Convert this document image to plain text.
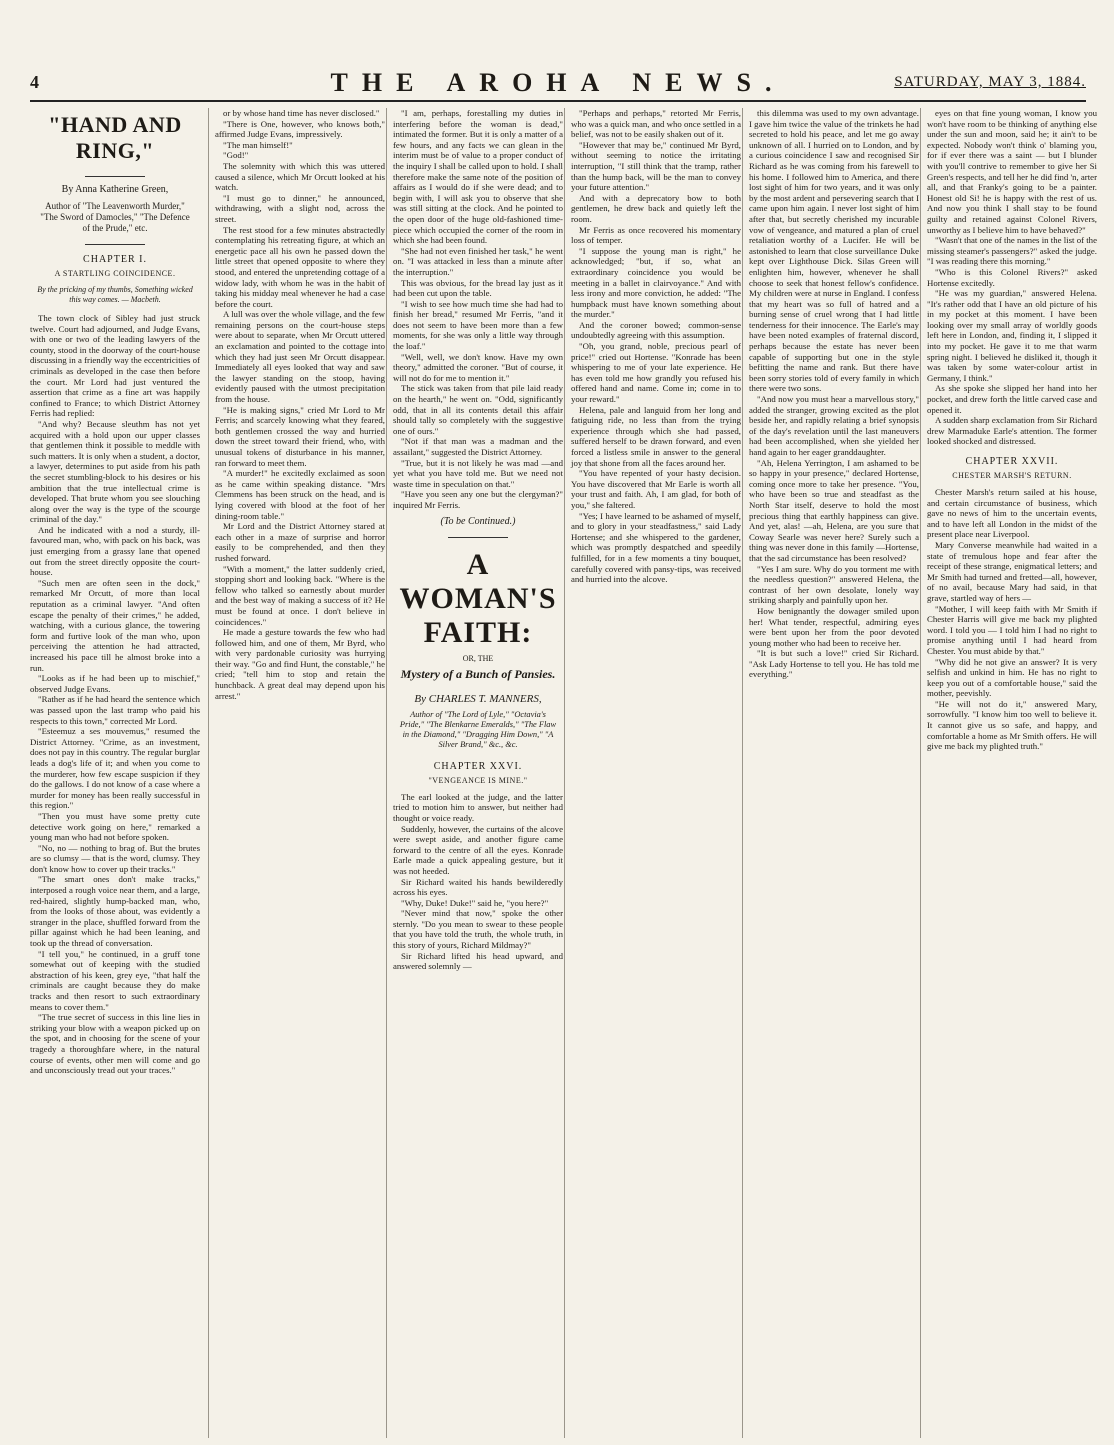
4	THE AROHA NEWS.	SATURDAY, MAY 3, 1884.
"HAND AND RING,"
By Anna Katherine Green,
Author of "The Leavenworth Murder," "The Sword of Damocles," "The Defence of the Prude," etc.
CHAPTER I.
A STARTLING COINCIDENCE.
By the pricking of my thumbs, Something wicked this way comes. — Macbeth.

The town clock of Sibley had just struck twelve. Court had adjourned, and Judge Evans, with one or two of the leading lawyers of the county, stood in the doorway of the court-house discussing in a friendly way the eccentricities of criminals as developed in the case then before the court. Mr Lord had just ventured the assertion that crime as a fine art was happily confined to France; to which District Attorney Ferris had replied:

"And why? Because sleuthm has not yet acquired with a hold upon our upper classes that gentlemen think it possible to meddle with such matters. It is only when a student, a doctor, a lawyer, determines to put aside from his path the secret stumbling-block to his desires or his ambition that the true intellectual crime is developed. That brute whom you see slouching along over the way is the type of the scourge criminal of the day."

And he indicated with a nod a sturdy, ill-favoured man, who, with pack on his back, was just emerging from a grassy lane that opened out from the street directly opposite the court-house.

"Such men are often seen in the dock," remarked Mr Orcutt, of more than local reputation as a criminal lawyer. "And often escape the penalty of their crimes," he added, watching, with a curious glance, the towering form and furtive look of the man who, upon perceiving the attention he had attracted, increased his pace till he almost broke into a run.

"Looks as if he had been up to mischief," observed Judge Evans.

"Rather as if he had heard the sentence which was passed upon the last tramp who paid his respects to this town," corrected Mr Lord.

"Esteemuz a ses mouvemus," resumed the District Attorney. "Crime, as an investment, does not pay in this country. The regular burglar leads a dog's life of it; and when you come to the murderer, how few escape suspicion if they do the gallows. I do not know of a case where a murder for money has been really successful in this region."

"Then you must have some pretty cute detective work going on here," remarked a young man who had not before spoken.

"No, no — nothing to brag of. But the brutes are so clumsy — that is the word, clumsy. They don't know how to cover up their tracks."

"The smart ones don't make tracks," interposed a rough voice near them, and a large, red-haired, slightly hump-backed man, who, from the looks of those about, was evidently a stranger in the place, shuffled forward from the pillar against which he had been leaning, and took up the thread of conversation.

"I tell you," he continued, in a gruff tone somewhat out of keeping with the studied abstraction of his keen, grey eye, "that half the criminals are caught because they do make tracks and then resort to such extraordinary means to cover them."

"The true secret of success in this line lies in striking your blow with a weapon picked up on the spot, and in choosing for the scene of your tragedy a thoroughfare where, in the natural course of events, other men will come and go and unconsciously tread out your traces."

or by whose hand time has never disclosed."

"There is One, however, who knows both," affirmed Judge Evans, impressively.

"The man himself!"

"God!"

The solemnity with which this was uttered caused a silence, which Mr Orcutt looked at his watch.

"I must go to dinner," he announced, withdrawing, with a slight nod, across the street.

The rest stood for a few minutes abstractedly contemplating his retreating figure, at which an energetic pace all his own he passed down the little street that opened opposite to where they stood, and entered the unpretending cottage of a widow lady, with whom he was in the habit of taking his midday meal whenever he had a case before the court.

A lull was over the whole village, and the few remaining persons on the court-house steps were about to separate, when Mr Orcutt uttered an exclamation and pointed to the cottage into which they had just seen Mr Orcutt disappear. Immediately all eyes looked that way and saw the lawyer standing on the stoop, having evidently paused with the utmost precipitation from the house.

"He is making signs," cried Mr Lord to Mr Ferris; and scarcely knowing what they feared, both gentlemen crossed the way and hurried down the street toward their friend, who, with unusual tokens of disturbance in his manner, ran forward to meet them.

"A murder!" he excitedly exclaimed as soon as he came within speaking distance. "Mrs Clemmens has been struck on the head, and is lying covered with blood at the foot of her dining-room table."

Mr Lord and the District Attorney stared at each other in a maze of surprise and horror easily to be comprehended, and then they rushed forward.

"With a moment," the latter suddenly cried, stopping short and looking back. "Where is the fellow who talked so earnestly about murder and the best way of making a success of it? He must be found at once. I don't believe in coincidences."

He made a gesture towards the few who had followed him, and one of them, Mr Byrd, who with very pardonable curiosity was hurrying their way. "Go and find Hunt, the constable," he cried; "tell him to stop and retain the hunchback. A great deal may depend upon his arrest."

"I am, perhaps, forestalling my duties in interfering before the woman is dead," intimated the former. But it is only a matter of a few hours, and any facts we can glean in the interim must be of value to a proper conduct of the inquiry I shall be called upon to hold. I shall therefore make the same note of the position of affairs as I would do if she were dead; and to begin with, I will ask you to observe that she was still sitting at the clock. And he pointed to the open door of the huge old-fashioned time-piece which occupied the corner of the room in which she had been found.

"She had not even finished her task," he went on. "I was attacked in less than a minute after the interruption."

This was obvious, for the bread lay just as it had been cut upon the table.

"I wish to see how much time she had had to finish her bread," resumed Mr Ferris, "and it does not seem to have been more than a few moments, for she was only a little way through the loaf."

"Well, well, we don't know. Have my own theory," admitted the coroner. "But of course, it will not do for me to mention it."

The stick was taken from that pile laid ready on the hearth," he went on. "Odd, significantly odd, that in all its contents detail this affair should tally so completely with the suggestive one of ours."

"Not if that man was a madman and the assailant," suggested the District Attorney.

"True, but it is not likely he was mad —and yet what you have told me. But we need not waste time in speculation on that."

"Have you seen any one but the clergyman?" inquired Mr Ferris.

(To be Continued.)
A WOMAN'S FAITH:
OR, THE
Mystery of a Bunch of Pansies.
By CHARLES T. MANNERS,
Author of "The Lord of Lyle," "Octavia's Pride," "The Blenkarne Emeralds," "The Flaw in the Diamond," "Dragging Him Down," "A Silver Brand," &c., &c.
CHAPTER XXVI.
"VENGEANCE IS MINE."

The earl looked at the judge, and the latter tried to motion him to answer, but neither had thought or voice ready.

Suddenly, however, the curtains of the alcove were swept aside, and another figure came forward to the centre of all the eyes. Konrade Earle made a quick appealing gesture, but it was not heeded.

Sir Richard waited his hands bewilderedly across his eyes.

"Why, Duke! Duke!" said he, "you here?"

"Never mind that now," spoke the other sternly. "Do you mean to swear to these people that you have told the truth, the whole truth, in this story of yours, Richard Mildmay?"

Sir Richard lifted his head upward, and answered solemnly —

"Perhaps and perhaps," retorted Mr Ferris, who was a quick man, and who once settled in a belief, was not to be easily shaken out of it.

"However that may be," continued Mr Byrd, without seeming to notice the irritating interruption, "I still think that the tramp, rather than the hump back, will be the man to convey your future attention."

And with a deprecatory bow to both gentlemen, he drew back and quietly left the room.

Mr Ferris as once recovered his momentary loss of temper.

"I suppose the young man is right," he acknowledged; "but, if so, what an extraordinary coincidence you would be meeting in a ballet in clairvoyance." And with less irony and more conviction, he added: "The humpback must have known something about the murder."

And the coroner bowed; common-sense undoubtedly agreeing with this assumption.

"Oh, you grand, noble, precious pearl of price!" cried out Hortense. "Konrade has been whispering to me of your late experience. He has even told me how grandly you refused his offered hand and name. Come in; come in to your reward."

Helena, pale and languid from her long and fatiguing ride, no less than from the trying experience through which she had passed, suffered herself to be drawn forward, and even forced a listless smile in answer to the general joy that shone from all the faces around her.

"You have repented of your hasty decision. You have discovered that Mr Earle is worth all your trust and faith. Ah, I am glad, for both of you," she faltered.

"Yes; I have learned to be ashamed of myself, and to glory in your steadfastness," said Lady Hortense; and she whispered to the gardener, which was promptly despatched and speedily fulfilled, for in a few moments a tiny bouquet, carefully covered with pansy-tips, was received and hurried into the alcove.

this dilemma was used to my own advantage. I gave him twice the value of the trinkets he had secreted to hold his peace, and let me go away unknown of all. I hurried on to London, and by a curious coincidence I saw and recognised Sir Richard as he was coming from his farewell to his home. I followed him to America, and there lost sight of him for two years, and it was only by the most ardent and persevering search that I came upon him again. I never lost sight of him after that, but secretly cherished my incurable vow of vengeance, and matured a plan of cruel retaliation worthy of a Lucifer. He will be astonished to learn that close surveillance Duke kept over Lighthouse Dick. Silas Green will enlighten him, however, whenever he shall choose to seek that honest fellow's confidence. My children were at nurse in England. I confess that my heart was so full of hatred and a burning sense of cruel wrong that I had little tenderness for their innocence. The Earle's may have been noted examples of fraternal discord, perhaps because the estate has never been capable of supporting but one in the style befitting the name and rank. But there have been sorry stories told of every family in which there were two sons.

"And now you must hear a marvellous story," added the stranger, growing excited as the plot beside her, and rapidly relating a brief synopsis of the day's revelation until the last maneuvers had been accomplished, when she yielded her hand again to her eager granddaughter.

"Ah, Helena Yerrington, I am ashamed to be so happy in your presence," declared Hortense, coming once more to take her presence. "You, who have been so true and steadfast as the North Star itself, deserve to hold the most precious thing that earthly happiness can give. And yet, alas! —ah, Helena, are you sure that Coway Searle was never here? Surely such a thing was never done in this family —Hortense, that the sad circumstance has been resolved?

"Yes I am sure. Why do you torment me with the needless question?" answered Helena, the contrast of her own desolate, lonely way striking sharply and painfully upon her.

How benignantly the dowager smiled upon her! What tender, respectful, admiring eyes were bent upon her from the poor devoted young mother who had been to receive her.

"It is but such a love!" cried Sir Richard. "Ask Lady Hortense to tell you. He has told me everything."

eyes on that fine young woman, I know you won't have room to be thinking of anything else under the sun and moon, said he; it ain't to be expected. Nobody won't think o' blaming you, for if ever there was a saint — but I blunder with you'll contrive to remember to give her Si Green's respects, and tell her he did find 'n, arter all, and that Franky's going to be a painter. Honest old Si! he is happy with the rest of us. And now you think I shall stay to be found guilty and retained against Colonel Rivers, unworthy as I believe him to have behaved?"

"Wasn't that one of the names in the list of the missing steamer's passengers?" asked the judge. "I was reading there this morning."

"Who is this Colonel Rivers?" asked Hortense excitedly.

"He was my guardian," answered Helena. "It's rather odd that I have an old picture of his in my pocket at this moment. I have been looking over my small array of worldly goods left here in London, and, finding it, I slipped it into my pocket. He gave it to me that warm spring night. I believed he disliked it, though it was taken by some water-colour artist in Germany, I think."

As she spoke she slipped her hand into her pocket, and drew forth the little carved case and opened it.

A sudden sharp exclamation from Sir Richard drew Marmaduke Earle's attention. The former looked shocked and distressed.

CHAPTER XXVII.
CHESTER MARSH'S RETURN.

Chester Marsh's return sailed at his house, and certain circumstance of business, which gave no news of him to the uncertain events, and to have left all London in the midst of the present place near Liverpool.

Mary Converse meanwhile had waited in a state of tremulous hope and fear after the receipt of these strange, enigmatical letters; and Mr Smith had turned and fretted—all, however, of no avail, because Mary had said, in that grave, startled way of hers —

"Mother, I will keep faith with Mr Smith if Chester Harris will give me back my plighted word. I told you — I told him I had no right to promise anything until I had heard from Chester. You must abide by that."

"Why did he not give an answer? It is very selfish and unkind in him. He has no right to keep you out of a comfortable house," said the mother, peevishly.

"He will not do it," answered Mary, sorrowfully. "I know him too well to believe it. It cannot give us so safe, and happy, and comfortable a home as Mr Smith offers. He will give me back my plighted truth."
